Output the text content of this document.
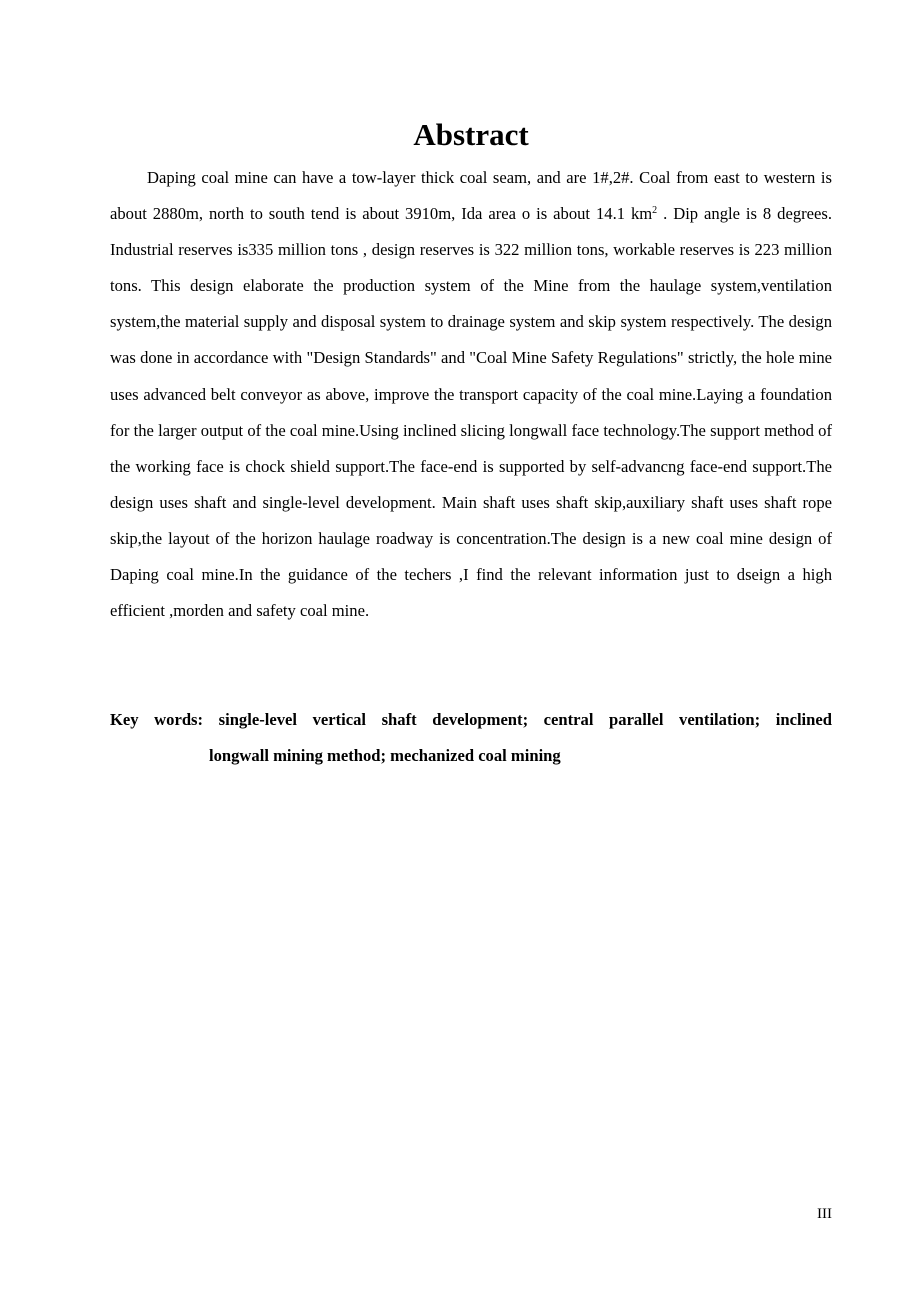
Abstract

Daping coal mine can have a tow-layer thick coal seam, and are 1#,2#. Coal from east to western is about 2880m, north to south tend is about 3910m, Ida area o is about 14.1 $km^2$ . Dip angle is 8 degrees. Industrial reserves is335 million tons , design reserves is 322 million tons, workable reserves is 223 million tons. This design elaborate the production system of the Mine from the haulage system,ventilation system,the material supply and disposal system to drainage system and skip system respectively. The design was done in accordance with "Design Standards" and "Coal Mine Safety Regulations" strictly, the hole mine uses advanced belt conveyor as above, improve the transport capacity of the coal mine.Laying a foundation for the larger output of the coal mine.Using inclined slicing longwall face technology.The support method of the working face is chock shield support.The face-end is supported by self-advancng face-end support.The design uses shaft and single-level development. Main shaft uses shaft skip,auxiliary shaft uses shaft rope skip,the layout of the horizon haulage roadway is concentration.The design is a new coal mine design of Daping coal mine.In the guidance of the techers ,I find the relevant information just to dseign a high efficient ,morden and safety coal mine.

Key words: single-level vertical shaft development; central parallel ventilation; inclined
longwall mining method; mechanized coal mining

III
